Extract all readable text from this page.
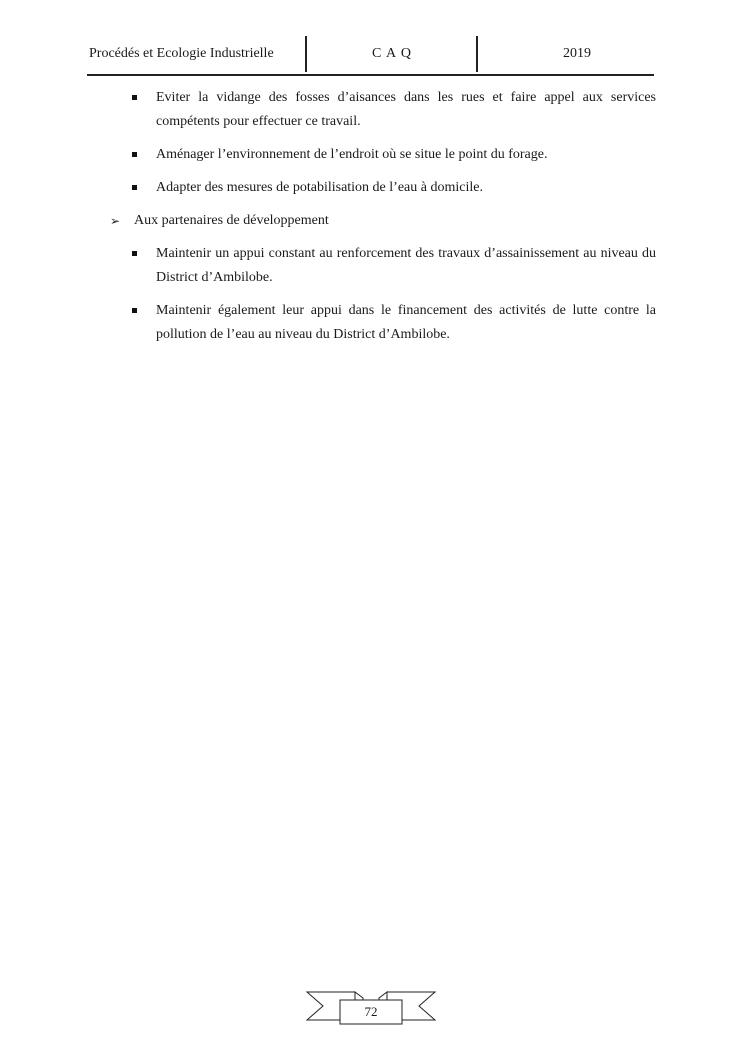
Procédés et Ecologie Industrielle	C A Q	2019
Eviter la vidange des fosses d’aisances dans les rues et faire appel aux services compétents pour effectuer ce travail.
Aménager l’environnement de l’endroit où se situe le point du forage.
Adapter des mesures de potabilisation de l’eau à domicile.
➢ Aux partenaires de développement
Maintenir un appui constant au renforcement des travaux d’assainissement au niveau du District d’Ambilobe.
Maintenir également leur appui dans le financement des activités de lutte contre la pollution de l’eau au niveau du District d’Ambilobe.
72
